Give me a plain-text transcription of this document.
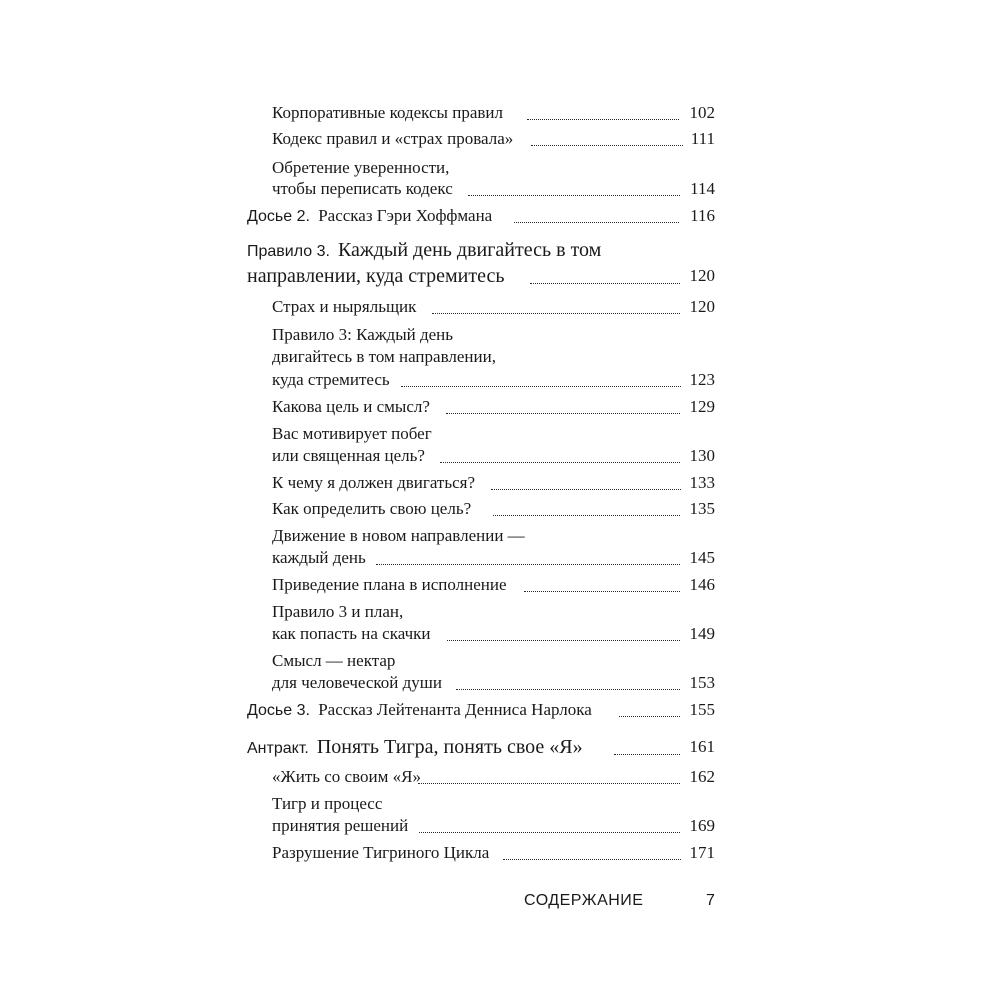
Корпоративные кодексы правил	102
Кодекс правил и «страх провала»	111
Обретение уверенности,
чтобы переписать кодекс	114
Досье 2. Рассказ Гэри Хоффмана	116
Правило 3. Каждый день двигайтесь в том
направлении, куда стремитесь	120
Страх и ныряльщик	120
Правило 3: Каждый день
двигайтесь в том направлении,
куда стремитесь	123
Какова цель и смысл?	129
Вас мотивирует побег
или священная цель?	130
К чему я должен двигаться?	133
Как определить свою цель?	135
Движение в новом направлении —
каждый день	145
Приведение плана в исполнение	146
Правило 3 и план,
как попасть на скачки	149
Смысл — нектар
для человеческой души	153
Досье 3. Рассказ Лейтенанта Денниса Нарлока	155
Антракт. Понять Тигра, понять свое «Я»	161
«Жить со своим «Я»	162
Тигр и процесс
принятия решений	169
Разрушение Тигриного Цикла	171
СОДЕРЖАНИЕ	7
